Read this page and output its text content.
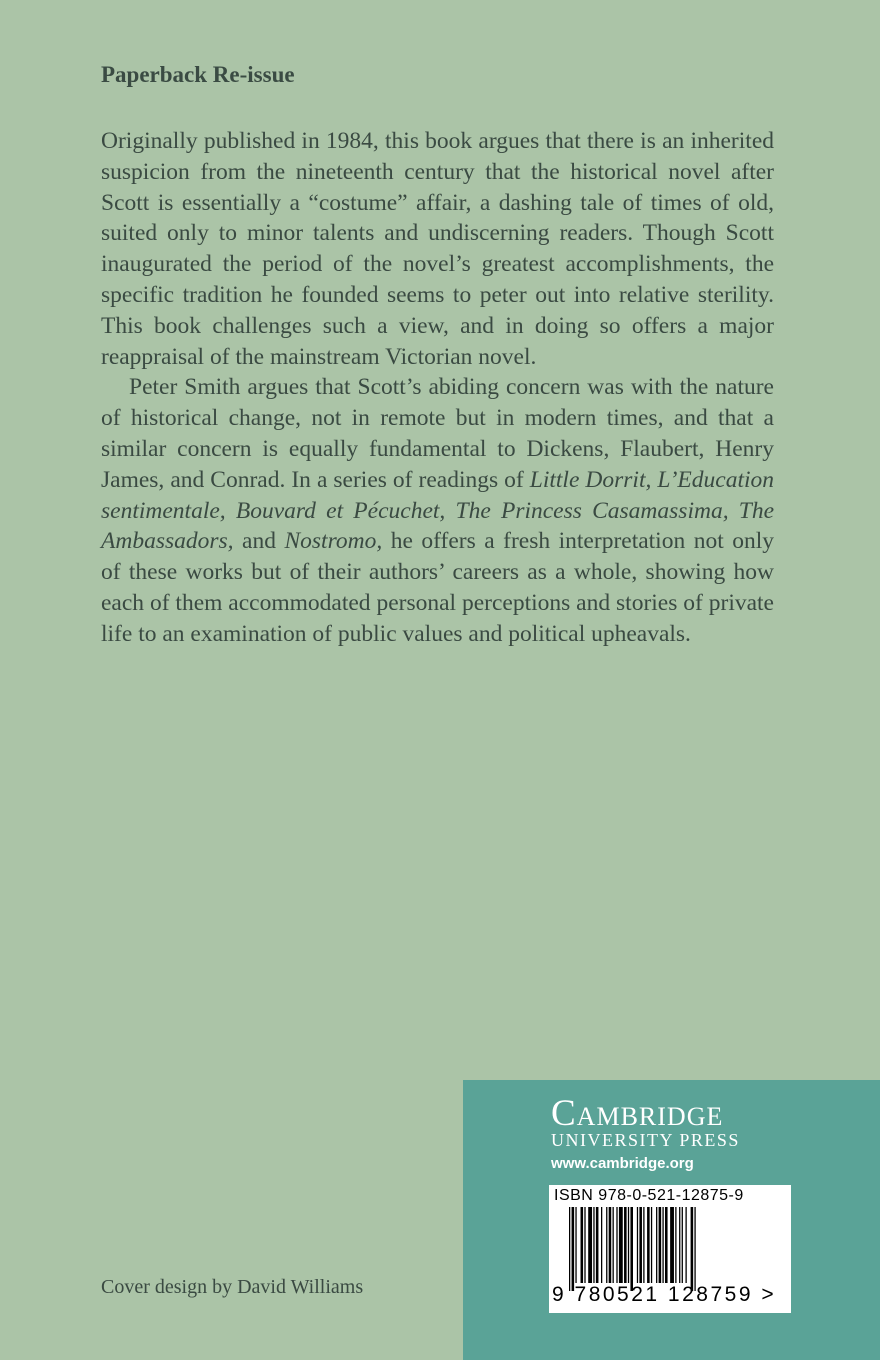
Paperback Re-issue

Originally published in 1984, this book argues that there is an inherited suspicion from the nineteenth century that the historical novel after Scott is essentially a “costume” affair, a dashing tale of times of old, suited only to minor talents and undiscerning readers. Though Scott inaugurated the period of the novel’s greatest accomplishments, the specific tradition he founded seems to peter out into relative sterility. This book challenges such a view, and in doing so offers a major reappraisal of the mainstream Victorian novel.

Peter Smith argues that Scott’s abiding concern was with the nature of historical change, not in remote but in modern times, and that a similar concern is equally fundamental to Dickens, Flaubert, Henry James, and Conrad. In a series of readings of Little Dorrit, L’Education sentimentale, Bouvard et Pécuchet, The Princess Casamassima, The Ambassadors, and Nostromo, he offers a fresh interpretation not only of these works but of their authors’ careers as a whole, showing how each of them accommodated personal perceptions and stories of private life to an examination of public values and political upheavals.

Cover design by David Williams
Cambridge
UNIVERSITY PRESS
www.cambridge.org
ISBN 978-0-521-12875-9
9 780521 128759 >
